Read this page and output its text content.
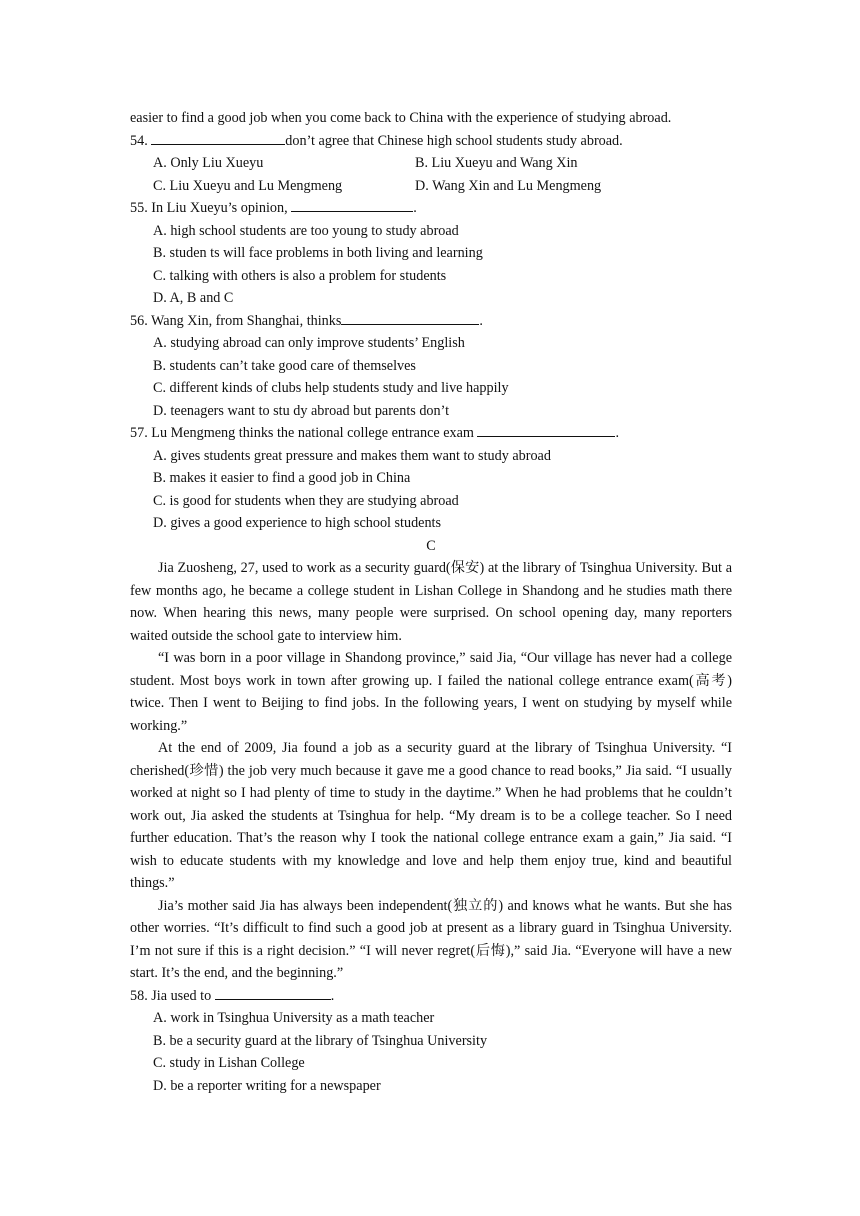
easier to find a good job when you come back to China with the experience of studying abroad.
54.	don’t agree that Chinese high school students study abroad.
A. Only Liu Xueyu	B. Liu Xueyu and Wang Xin
C. Liu Xueyu and Lu Mengmeng	D. Wang Xin and Lu Mengmeng
55. In Liu Xueyu’s opinion,	.
A. high school students are too young to study abroad
B. studen ts will face problems in both living and learning
C. talking with others is also a problem for students
D. A, B and C
56. Wang Xin, from Shanghai, thinks	.
A. studying abroad can only improve students’ English
B. students can’t take good care of themselves
C. different kinds of clubs help students study and live happily
D. teenagers want to stu dy abroad but parents don’t
57. Lu Mengmeng thinks the national college entrance exam	.
A. gives students great pressure and makes them want to study abroad
B. makes it easier to find a good job in China
C. is good for students when they are studying abroad
D. gives a good experience to high school students
C
Jia Zuosheng, 27, used to work as a security guard(保安) at the library of Tsinghua University. But a few months ago, he became a college student in Lishan College in Shandong and he studies math there now. When hearing this news, many people were surprised. On school opening day, many reporters waited outside the school gate to interview him.
“I was born in a poor village in Shandong province,” said Jia, “Our village has never had a college student. Most boys work in town after growing up. I failed the national college entrance exam(高考) twice. Then I went to Beijing to find jobs. In the following years, I went on studying by myself while working.”
At the end of 2009, Jia found a job as a security guard at the library of Tsinghua University. “I cherished(珍惜) the job very much because it gave me a good chance to read books,” Jia said. “I usually worked at night so I had plenty of time to study in the daytime.” When he had problems that he couldn’t work out, Jia asked the students at Tsinghua for help. “My dream is to be a college teacher. So I need further education. That’s the reason why I took the national college entrance exam a gain,” Jia said. “I wish to educate students with my knowledge and love and help them enjoy true, kind and beautiful things.”
Jia’s mother said Jia has always been independent(独立的) and knows what he wants. But she has other worries. “It’s difficult to find such a good job at present as a library guard in Tsinghua University. I’m not sure if this is a right decision.” “I will never regret(后悔),” said Jia. “Everyone will have a new start. It’s the end, and the beginning.”
58. Jia used to	.
A. work in Tsinghua University as a math teacher
B. be a security guard at the library of Tsinghua University
C. study in Lishan College
D. be a reporter writing for a newspaper
